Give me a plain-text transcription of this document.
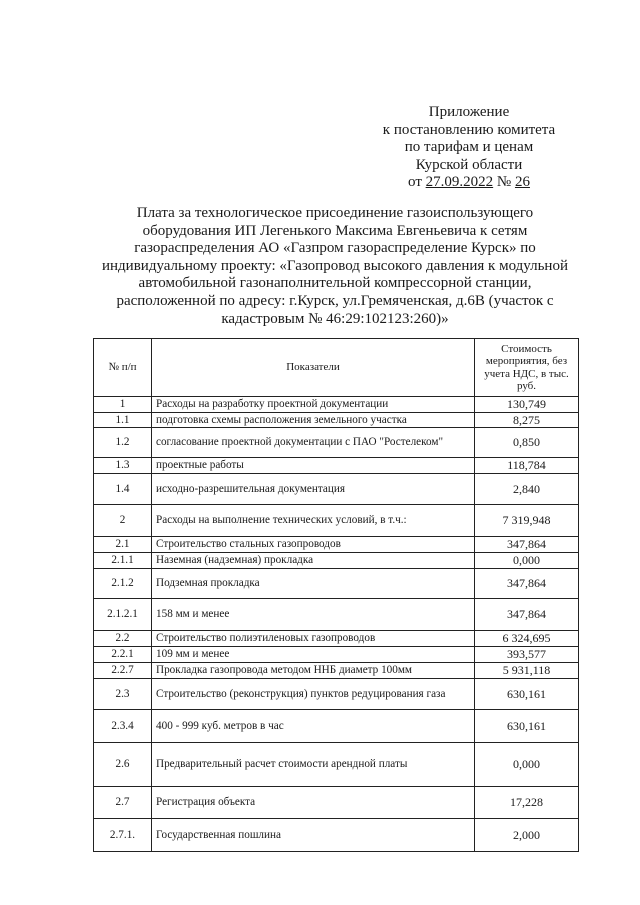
Приложение
к постановлению комитета
по тарифам и ценам
Курской области
от 27.09.2022 № 26
Плата за технологическое присоединение газоиспользующего
оборудования ИП Легенького Максима Евгеньевича к сетям
газораспределения АО «Газпром газораспределение Курск» по
индивидуальному проекту: «Газопровод высокого давления к модульной
автомобильной газонаполнительной компрессорной станции,
расположенной по адресу: г.Курск, ул.Гремяченская, д.6В (участок с
кадастровым № 46:29:102123:260)»
№ п/п	Показатели	Стоимость мероприятия, без учета НДС, в тыс. руб.
1	Расходы на разработку проектной документации	130,749
1.1	подготовка схемы расположения земельного участка	8,275
1.2	согласование проектной документации с ПАО "Ростелеком"	0,850
1.3	проектные работы	118,784
1.4	исходно-разрешительная документация	2,840
2	Расходы на выполнение технических условий, в т.ч.:	7 319,948
2.1	Строительство стальных газопроводов	347,864
2.1.1	Наземная (надземная) прокладка	0,000
2.1.2	Подземная прокладка	347,864
2.1.2.1	158 мм и менее	347,864
2.2	Строительство полиэтиленовых газопроводов	6 324,695
2.2.1	109 мм и менее	393,577
2.2.7	Прокладка газопровода методом ННБ диаметр 100мм	5 931,118
2.3	Строительство (реконструкция) пунктов редуцирования газа	630,161
2.3.4	400 - 999 куб. метров в час	630,161
2.6	Предварительный расчет стоимости арендной платы	0,000
2.7	Регистрация объекта	17,228
2.7.1.	Государственная пошлина	2,000
